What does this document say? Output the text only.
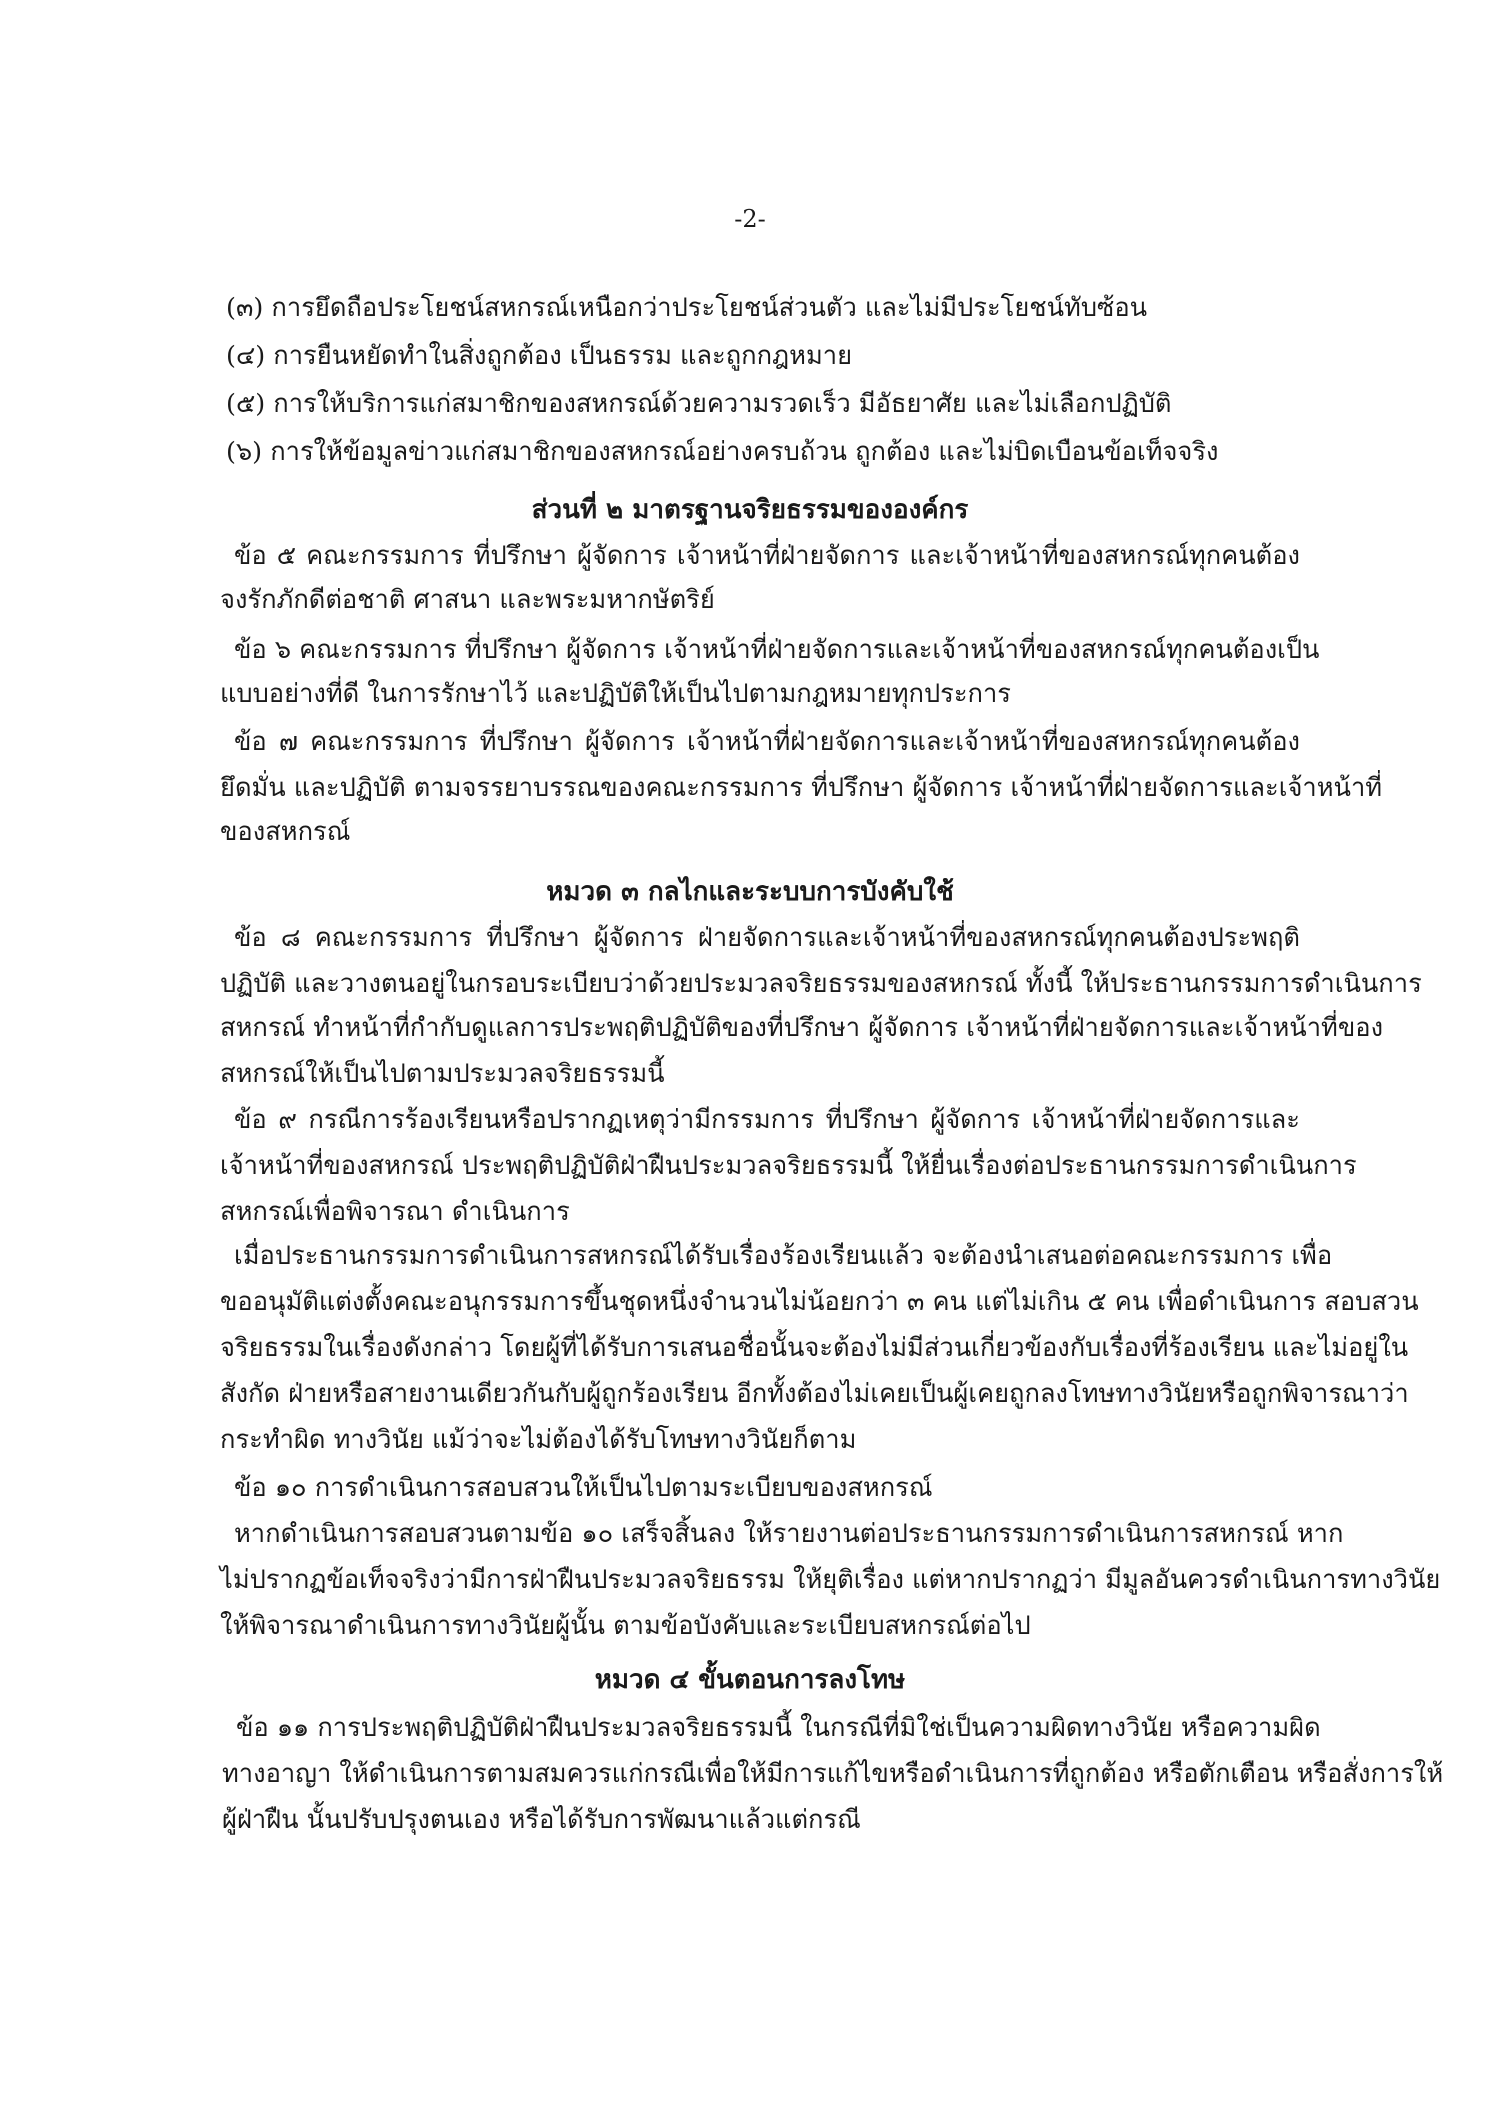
-2-
(๓) การยึดถือประโยชน์สหกรณ์เหนือกว่าประโยชน์ส่วนตัว และไม่มีประโยชน์ทับซ้อน
(๔) การยืนหยัดทำในสิ่งถูกต้อง เป็นธรรม และถูกกฎหมาย
(๕) การให้บริการแก่สมาชิกของสหกรณ์ด้วยความรวดเร็ว มีอัธยาศัย และไม่เลือกปฏิบัติ
(๖) การให้ข้อมูลข่าวแก่สมาชิกของสหกรณ์อย่างครบถ้วน ถูกต้อง และไม่บิดเบือนข้อเท็จจริง
ส่วนที่ ๒ มาตรฐานจริยธรรมขององค์กร
ข้อ ๕ คณะกรรมการ ที่ปรึกษา ผู้จัดการ เจ้าหน้าที่ฝ่ายจัดการ และเจ้าหน้าที่ของสหกรณ์ทุกคนต้อง
จงรักภักดีต่อชาติ ศาสนา และพระมหากษัตริย์
ข้อ ๖ คณะกรรมการ ที่ปรึกษา ผู้จัดการ เจ้าหน้าที่ฝ่ายจัดการและเจ้าหน้าที่ของสหกรณ์ทุกคนต้องเป็น
แบบอย่างที่ดี ในการรักษาไว้ และปฏิบัติให้เป็นไปตามกฎหมายทุกประการ
ข้อ ๗ คณะกรรมการ ที่ปรึกษา ผู้จัดการ เจ้าหน้าที่ฝ่ายจัดการและเจ้าหน้าที่ของสหกรณ์ทุกคนต้อง
ยึดมั่น และปฏิบัติ ตามจรรยาบรรณของคณะกรรมการ ที่ปรึกษา ผู้จัดการ เจ้าหน้าที่ฝ่ายจัดการและเจ้าหน้าที่
ของสหกรณ์
หมวด ๓ กลไกและระบบการบังคับใช้
ข้อ ๘ คณะกรรมการ ที่ปรึกษา ผู้จัดการ ฝ่ายจัดการและเจ้าหน้าที่ของสหกรณ์ทุกคนต้องประพฤติ
ปฏิบัติ และวางตนอยู่ในกรอบระเบียบว่าด้วยประมวลจริยธรรมของสหกรณ์ ทั้งนี้ ให้ประธานกรรมการดำเนินการ
สหกรณ์ ทำหน้าที่กำกับดูแลการประพฤติปฏิบัติของที่ปรึกษา ผู้จัดการ เจ้าหน้าที่ฝ่ายจัดการและเจ้าหน้าที่ของ
สหกรณ์ให้เป็นไปตามประมวลจริยธรรมนี้
ข้อ ๙ กรณีการร้องเรียนหรือปรากฏเหตุว่ามีกรรมการ ที่ปรึกษา ผู้จัดการ เจ้าหน้าที่ฝ่ายจัดการและ
เจ้าหน้าที่ของสหกรณ์ ประพฤติปฏิบัติฝ่าฝืนประมวลจริยธรรมนี้ ให้ยื่นเรื่องต่อประธานกรรมการดำเนินการ
สหกรณ์เพื่อพิจารณา ดำเนินการ
เมื่อประธานกรรมการดำเนินการสหกรณ์ได้รับเรื่องร้องเรียนแล้ว จะต้องนำเสนอต่อคณะกรรมการ เพื่อ
ขออนุมัติแต่งตั้งคณะอนุกรรมการขึ้นชุดหนึ่งจำนวนไม่น้อยกว่า ๓ คน แต่ไม่เกิน ๕ คน เพื่อดำเนินการ สอบสวน
จริยธรรมในเรื่องดังกล่าว โดยผู้ที่ได้รับการเสนอชื่อนั้นจะต้องไม่มีส่วนเกี่ยวข้องกับเรื่องที่ร้องเรียน และไม่อยู่ใน
สังกัด ฝ่ายหรือสายงานเดียวกันกับผู้ถูกร้องเรียน อีกทั้งต้องไม่เคยเป็นผู้เคยถูกลงโทษทางวินัยหรือถูกพิจารณาว่า
กระทำผิด ทางวินัย แม้ว่าจะไม่ต้องได้รับโทษทางวินัยก็ตาม
ข้อ ๑๐ การดำเนินการสอบสวนให้เป็นไปตามระเบียบของสหกรณ์
หากดำเนินการสอบสวนตามข้อ ๑๐ เสร็จสิ้นลง ให้รายงานต่อประธานกรรมการดำเนินการสหกรณ์ หาก
ไม่ปรากฏข้อเท็จจริงว่ามีการฝ่าฝืนประมวลจริยธรรม ให้ยุติเรื่อง แต่หากปรากฏว่า มีมูลอันควรดำเนินการทางวินัย
ให้พิจารณาดำเนินการทางวินัยผู้นั้น ตามข้อบังคับและระเบียบสหกรณ์ต่อไป
หมวด ๔ ขั้นตอนการลงโทษ
ข้อ ๑๑ การประพฤติปฏิบัติฝ่าฝืนประมวลจริยธรรมนี้ ในกรณีที่มิใช่เป็นความผิดทางวินัย หรือความผิด
ทางอาญา ให้ดำเนินการตามสมควรแก่กรณีเพื่อให้มีการแก้ไขหรือดำเนินการที่ถูกต้อง หรือตักเตือน หรือสั่งการให้
ผู้ฝ่าฝืน นั้นปรับปรุงตนเอง หรือได้รับการพัฒนาแล้วแต่กรณี
